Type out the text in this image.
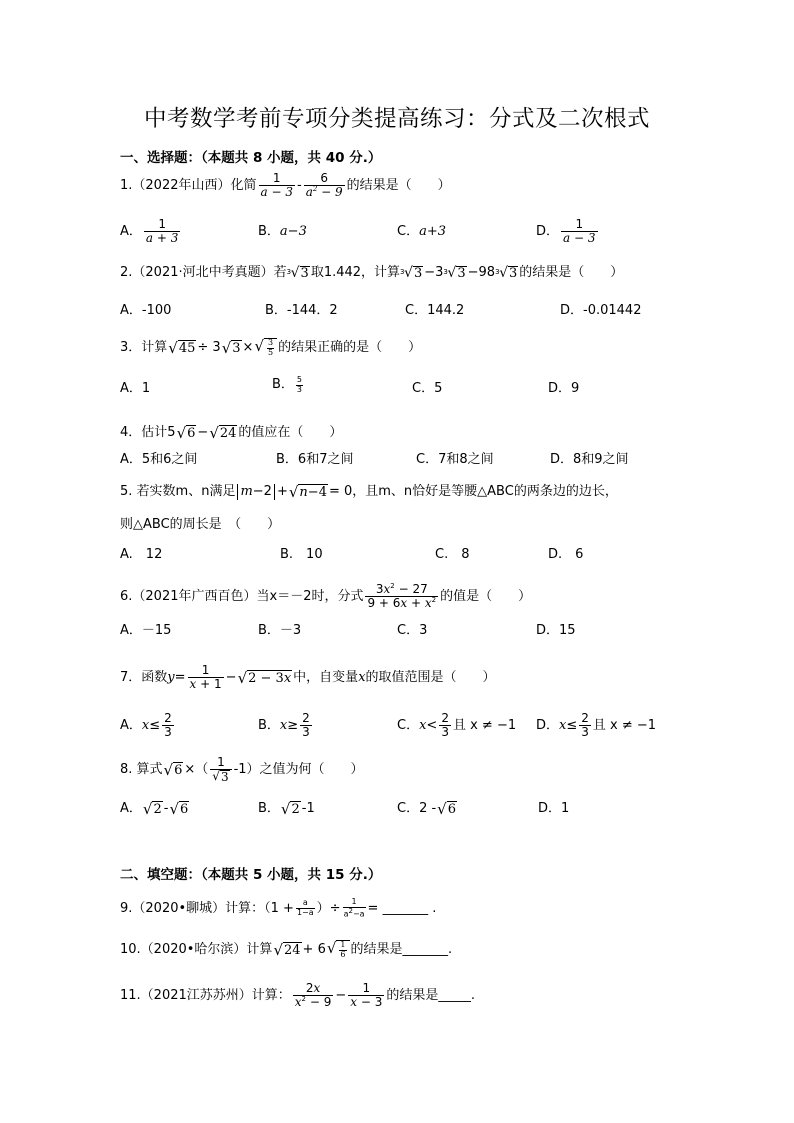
中考数学考前专项分类提高练习：分式及二次根式
一、选择题：（本题共 8 小题，共 40 分.）
1.（2022年山西）化简 $\frac{1}{a - 3} - \frac{6}{a^2 - 9}$ 的结果是（　　）
A． $\frac{1}{a + 3}$	B． a−3	C． a+3	D． $\frac{1}{a - 3}$
2.（2021·河北中考真题）若 3 √ 3 取1.442，计算 3 √ 3 −3 3 √ 3 −98 3 √ 3 的结果是（　　）
A．-100	B．-144．2	C．144.2	D．-0.01442
3．计算 √ 45 ÷ 3 √ 3 × √ $\frac{3}{5}$ 的结果正确的是（　　）
A．1	B． $\frac{5}{3}$	C．5	D．9
4．估计 5 √ 6 − √ 24 的值应在（　　）
A．5和6之间	B．6和7之间	C．7和8之间	D．8和9之间
5. 若实数m、n满足 m −2 + √ n−4 = 0 ，且m、n恰好是等腰△ABC的两条边的边长，
则△ABC的周长是　（　　）
A.　12	B.　10	C.　8	D.　6
6.（2021年广西百色）当 x＝－2时，分式 $\frac{3x^2 - 27}{9 + 6x + x^2}$ 的值是（　　）
A．－15	B．－3	C．3	D．15
7．函数 $y = \frac{1}{x + 1}$ − √ 2 − 3x 中，自变量 x 的取值范围是（　　）
A． $x \le \frac{2}{3}$	B． $x \ge \frac{2}{3}$	C． $x < \frac{2}{3}$ 且 x ≠ −1 D． $x \le \frac{2}{3}$ 且 x ≠ −1
8. 算式 √ 6 ×（ $\frac{1}{√ 3} -1$）之值为何（　　）
A． √ 2 - √ 6	B． √ 2 -1	C．2 - √ 6	D．1
二、填空题：（本题共 5 小题，共 15 分.）
9.（2020•聊城）计算：（$1 + \frac{a}{1-a}$ ）÷ $\frac{1}{a^2-a}$ = _______ .
10.（2020•哈尔滨）计算 √ 24 + 6 √ $\frac{1}{6}$ 的结果是_______.
11.（2021江苏苏州）计算： $\frac{2x}{x^2 - 9} - \frac{1}{x - 3}$ 的结果是_____.
